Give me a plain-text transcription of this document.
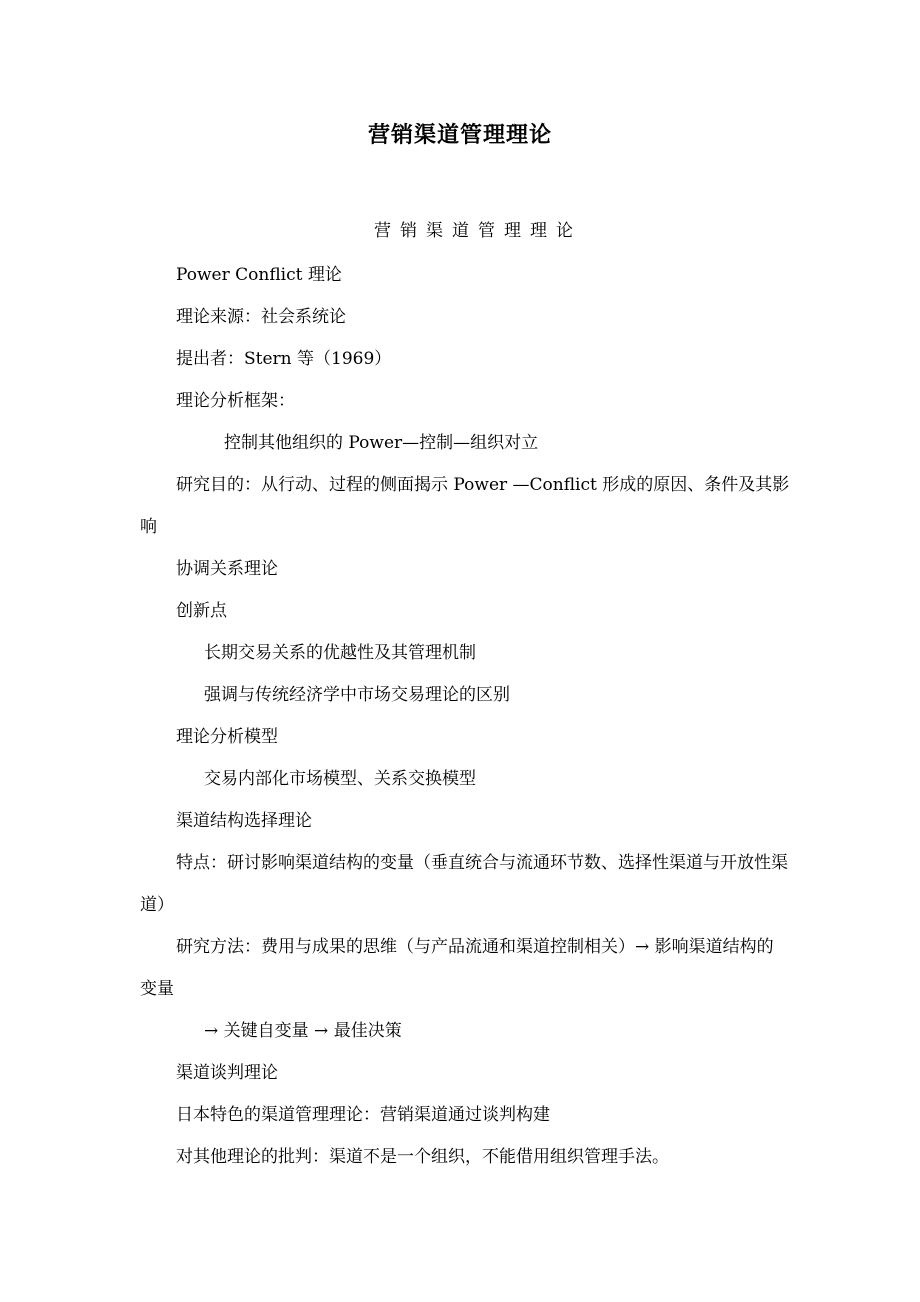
营销渠道管理理论
营销渠道管理理论

Power Conflict 理论

理论来源：社会系统论

提出者：Stern 等（1969）

理论分析框架：

控制其他组织的 Power—控制—组织对立

研究目的：从行动、过程的侧面揭示 Power —Conflict 形成的原因、条件及其影响

协调关系理论

创新点

长期交易关系的优越性及其管理机制

强调与传统经济学中市场交易理论的区别

理论分析模型

交易内部化市场模型、关系交换模型

渠道结构选择理论

特点：研讨影响渠道结构的变量（垂直统合与流通环节数、选择性渠道与开放性渠道）

研究方法：费用与成果的思维（与产品流通和渠道控制相关）→ 影响渠道结构的变量

→ 关键自变量 → 最佳决策

渠道谈判理论

日本特色的渠道管理理论：营销渠道通过谈判构建

对其他理论的批判：渠道不是一个组织，不能借用组织管理手法。
